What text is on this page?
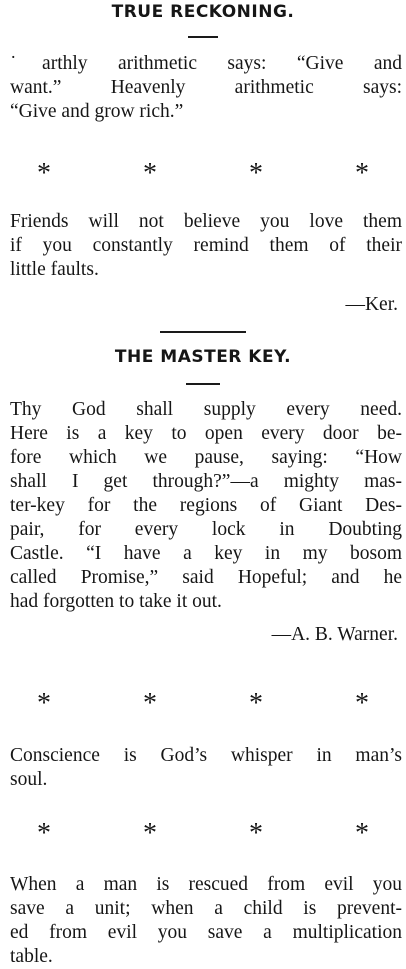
TRUE RECKONING.
˙arthly arithmetic says: “Give and
want.” Heavenly arithmetic says:
“Give and grow rich.”
*	*	*	*
Friends will not believe you love them
if you constantly remind them of their
little faults.
—Ker.
THE MASTER KEY.
Thy God shall supply every need.
Here is a key to open every door be-
fore which we pause, saying: “How
shall I get through?”—a mighty mas-
ter-key for the regions of Giant Des-
pair, for every lock in Doubting
Castle. “I have a key in my bosom
called Promise,” said Hopeful; and he
had forgotten to take it out.
—A. B. Warner.
*	*	*	*
Conscience is God’s whisper in man’s
soul.
*	*	*	*
When a man is rescued from evil you
save a unit; when a child is prevent-
ed from evil you save a multiplication
table.
